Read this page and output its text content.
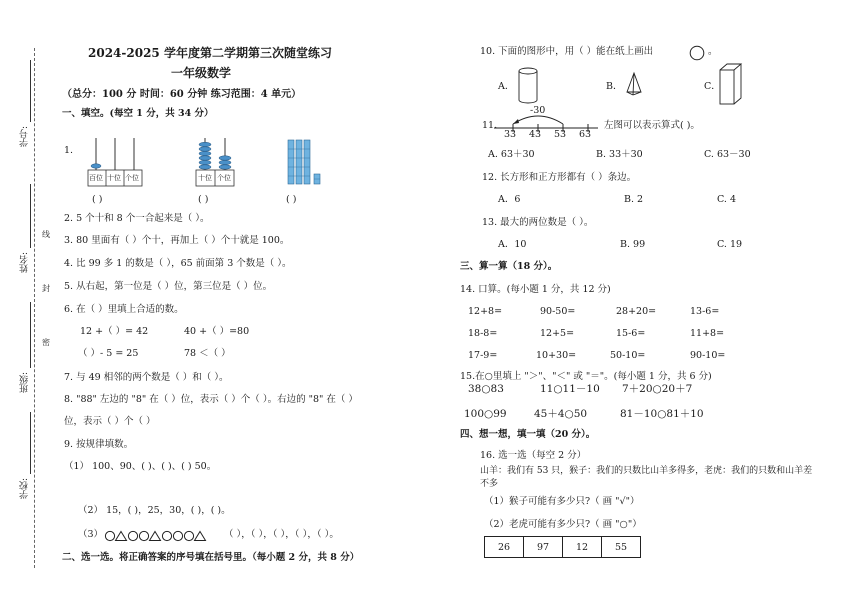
学号:
姓名:
班级:
学校:
线
封
密
2024-2025 学年度第二学期第三次随堂练习
一年级数学
（总分：100 分 时间：60 分钟 练习范围：4 单元）
一、填空。(每空 1 分，共 34 分）
1.
百位 十位 个位	十位 个位
( )	( )	( )
2. 5 个十和 8 个一合起来是（ ）。
3. 80 里面有（ ）个十，再加上（ ）个十就是 100。
4. 比 99 多 1 的数是（ ），65 前面第 3 个数是（ ）。
5. 从右起，第一位是（ ）位，第三位是（ ）位。
6. 在（ ）里填上合适的数。
12 +（ ）= 42	40 +（ ）=80
（ ）- 5 = 25	78 ＜（ ）
7. 与 49 相邻的两个数是（ ）和（ ）。
8. "88" 左边的 "8" 在（ ）位，表示（ ）个（ ）。右边的 "8" 在（ ）
位，表示（ ）个（ ）
9. 按规律填数。
（1） 100、90、( )、( )、( ) 50。
（2） 15，( )，25，30，( )，( )。
（3）	（ ），（ ），（ ），（ ），（ ）。
二、选一选。将正确答案的序号填在括号里。（每小题 2 分，共 8 分）
10. 下面的图形中，用（ ）能在纸上画出	。
A．	B．	C．
11.
-30
33 43 53 63
左图可以表示算式( )。
A. 63＋30	B. 33＋30	C. 63－30
12. 长方形和正方形都有（ ）条边。
A．6	B. 2	C. 4
13. 最大的两位数是（ ）。
A．10	B. 99	C. 19
三、算一算（18 分）。
14. 口算。(每小题 1 分，共 12 分)
12+8=	90-50=	28+20=	13-6=
18-8=	12+5=	15-6=	11+8=
17-9=	10+30=	50-10=	90-10=
15.在○里填上 "＞"、"＜" 或 "＝"。(每小题 1 分，共 6 分)
38○83	11○11－10 7＋20○20＋7
100○99	45＋4○50	81－10○81＋10
四、想一想，填一填（20 分）。
16. 选一选（每空 2 分）
山羊：我们有 53 只，猴子：我们的只数比山羊多得多，老虎：我们的只数和山羊差
不多
（1）猴子可能有多少只?（ 画 "√"）
（2）老虎可能有多少只?（ 画 "○"）
26	97	12	55
